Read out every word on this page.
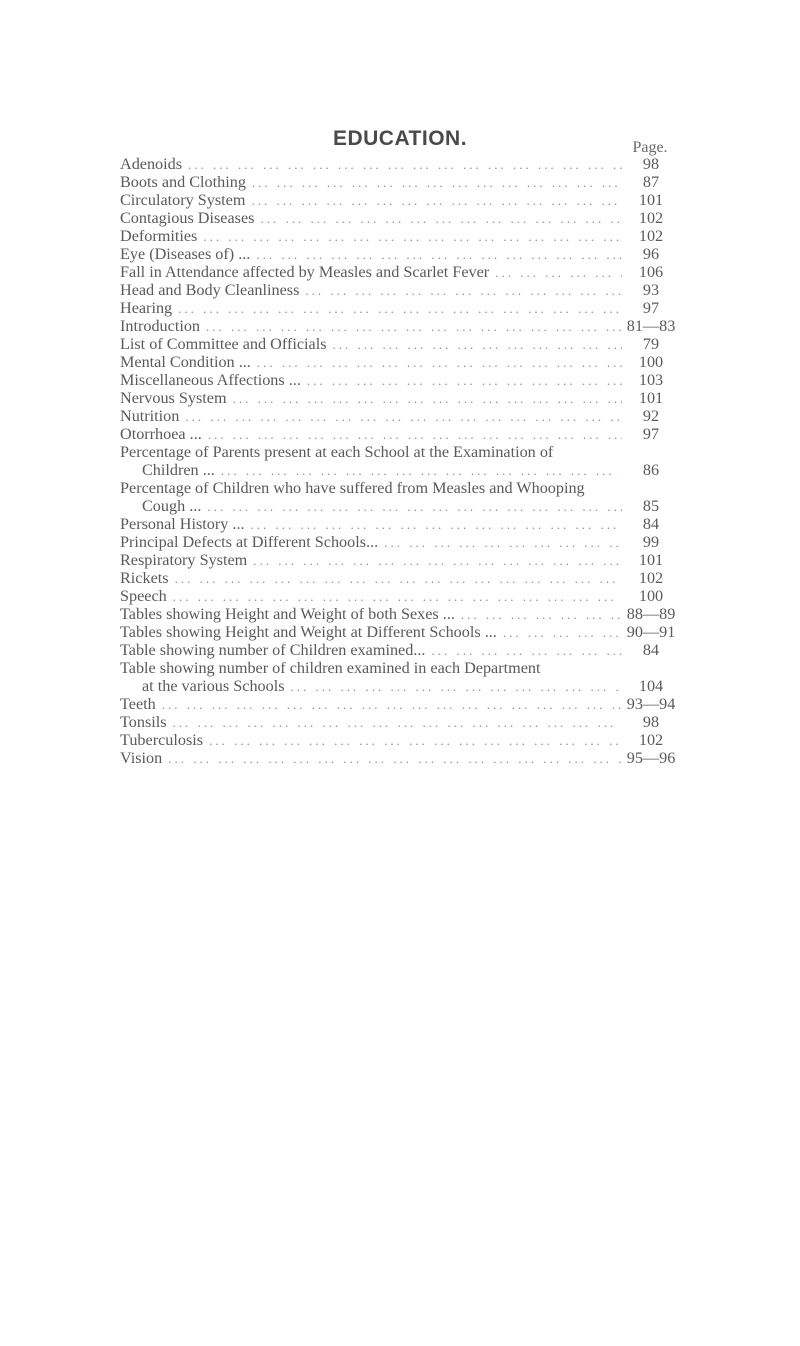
EDUCATION.	Page.
Adenoids ... .	98
Boots and Clothing ... .	87
Circulatory System ... .	101
Contagious Diseases ... .	102
Deformities ... .	102
Eye (Diseases of) ... ... .	96
Fall in Attendance affected by Measles and Scarlet Fever ... .	106
Head and Body Cleanliness ... .	93
Hearing ... .	97
Introduction ... .	81—83
List of Committee and Officials ... .	79
Mental Condition ... ... .	100
Miscellaneous Affections ... ... .	103
Nervous System ... .	101
Nutrition ... .	92
Otorrhoea ... ... .	97
Percentage of Parents present at each School at the Examination of
Children ... ... .	86
Percentage of Children who have suffered from Measles and Whooping
Cough ... ... .	85
Personal History ... ... .	84
Principal Defects at Different Schools... ... .	99
Respiratory System ... .	101
Rickets ... .	102
Speech ... .	100
Tables showing Height and Weight of both Sexes ... ... .	88—89
Tables showing Height and Weight at Different Schools ... ... .	90—91
Table showing number of Children examined... ... .	84
Table showing number of children examined in each Department
at the various Schools ... .	104
Teeth ... .	93—94
Tonsils ... .	98
Tuberculosis ... .	102
Vision ... .	95—96
